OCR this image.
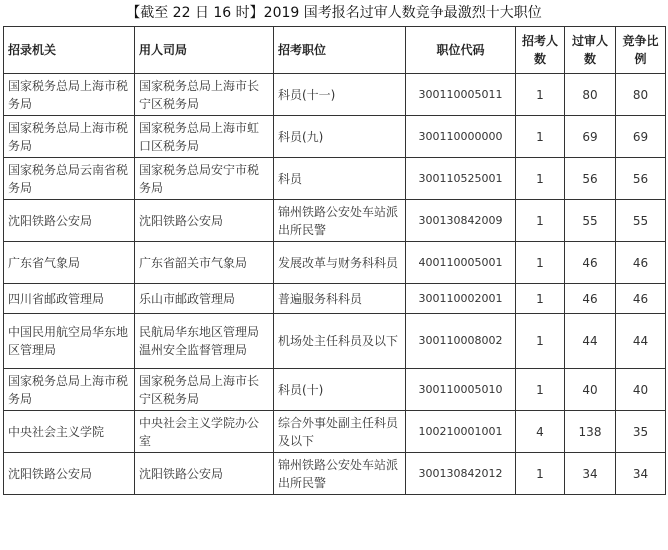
【截至 22 日 16 时】2019 国考报名过审人数竞争最激烈十大职位
招录机关	用人司局	招考职位	职位代码	招考人数	过审人数	竞争比例
国家税务总局上海市税务局	国家税务总局上海市长宁区税务局	科员(十一)	300110005011	1	80	80
国家税务总局上海市税务局	国家税务总局上海市虹口区税务局	科员(九)	300110000000	1	69	69
国家税务总局云南省税务局	国家税务总局安宁市税务局	科员	300110525001	1	56	56
沈阳铁路公安局	沈阳铁路公安局	锦州铁路公安处车站派出所民警	300130842009	1	55	55
广东省气象局	广东省韶关市气象局	发展改革与财务科科员	400110005001	1	46	46
四川省邮政管理局	乐山市邮政管理局	普遍服务科科员	300110002001	1	46	46
中国民用航空局华东地区管理局	民航局华东地区管理局温州安全监督管理局	机场处主任科员及以下	300110008002	1	44	44
国家税务总局上海市税务局	国家税务总局上海市长宁区税务局	科员(十)	300110005010	1	40	40
中央社会主义学院	中央社会主义学院办公室	综合外事处副主任科员及以下	100210001001	4	138	35
沈阳铁路公安局	沈阳铁路公安局	锦州铁路公安处车站派出所民警	300130842012	1	34	34
